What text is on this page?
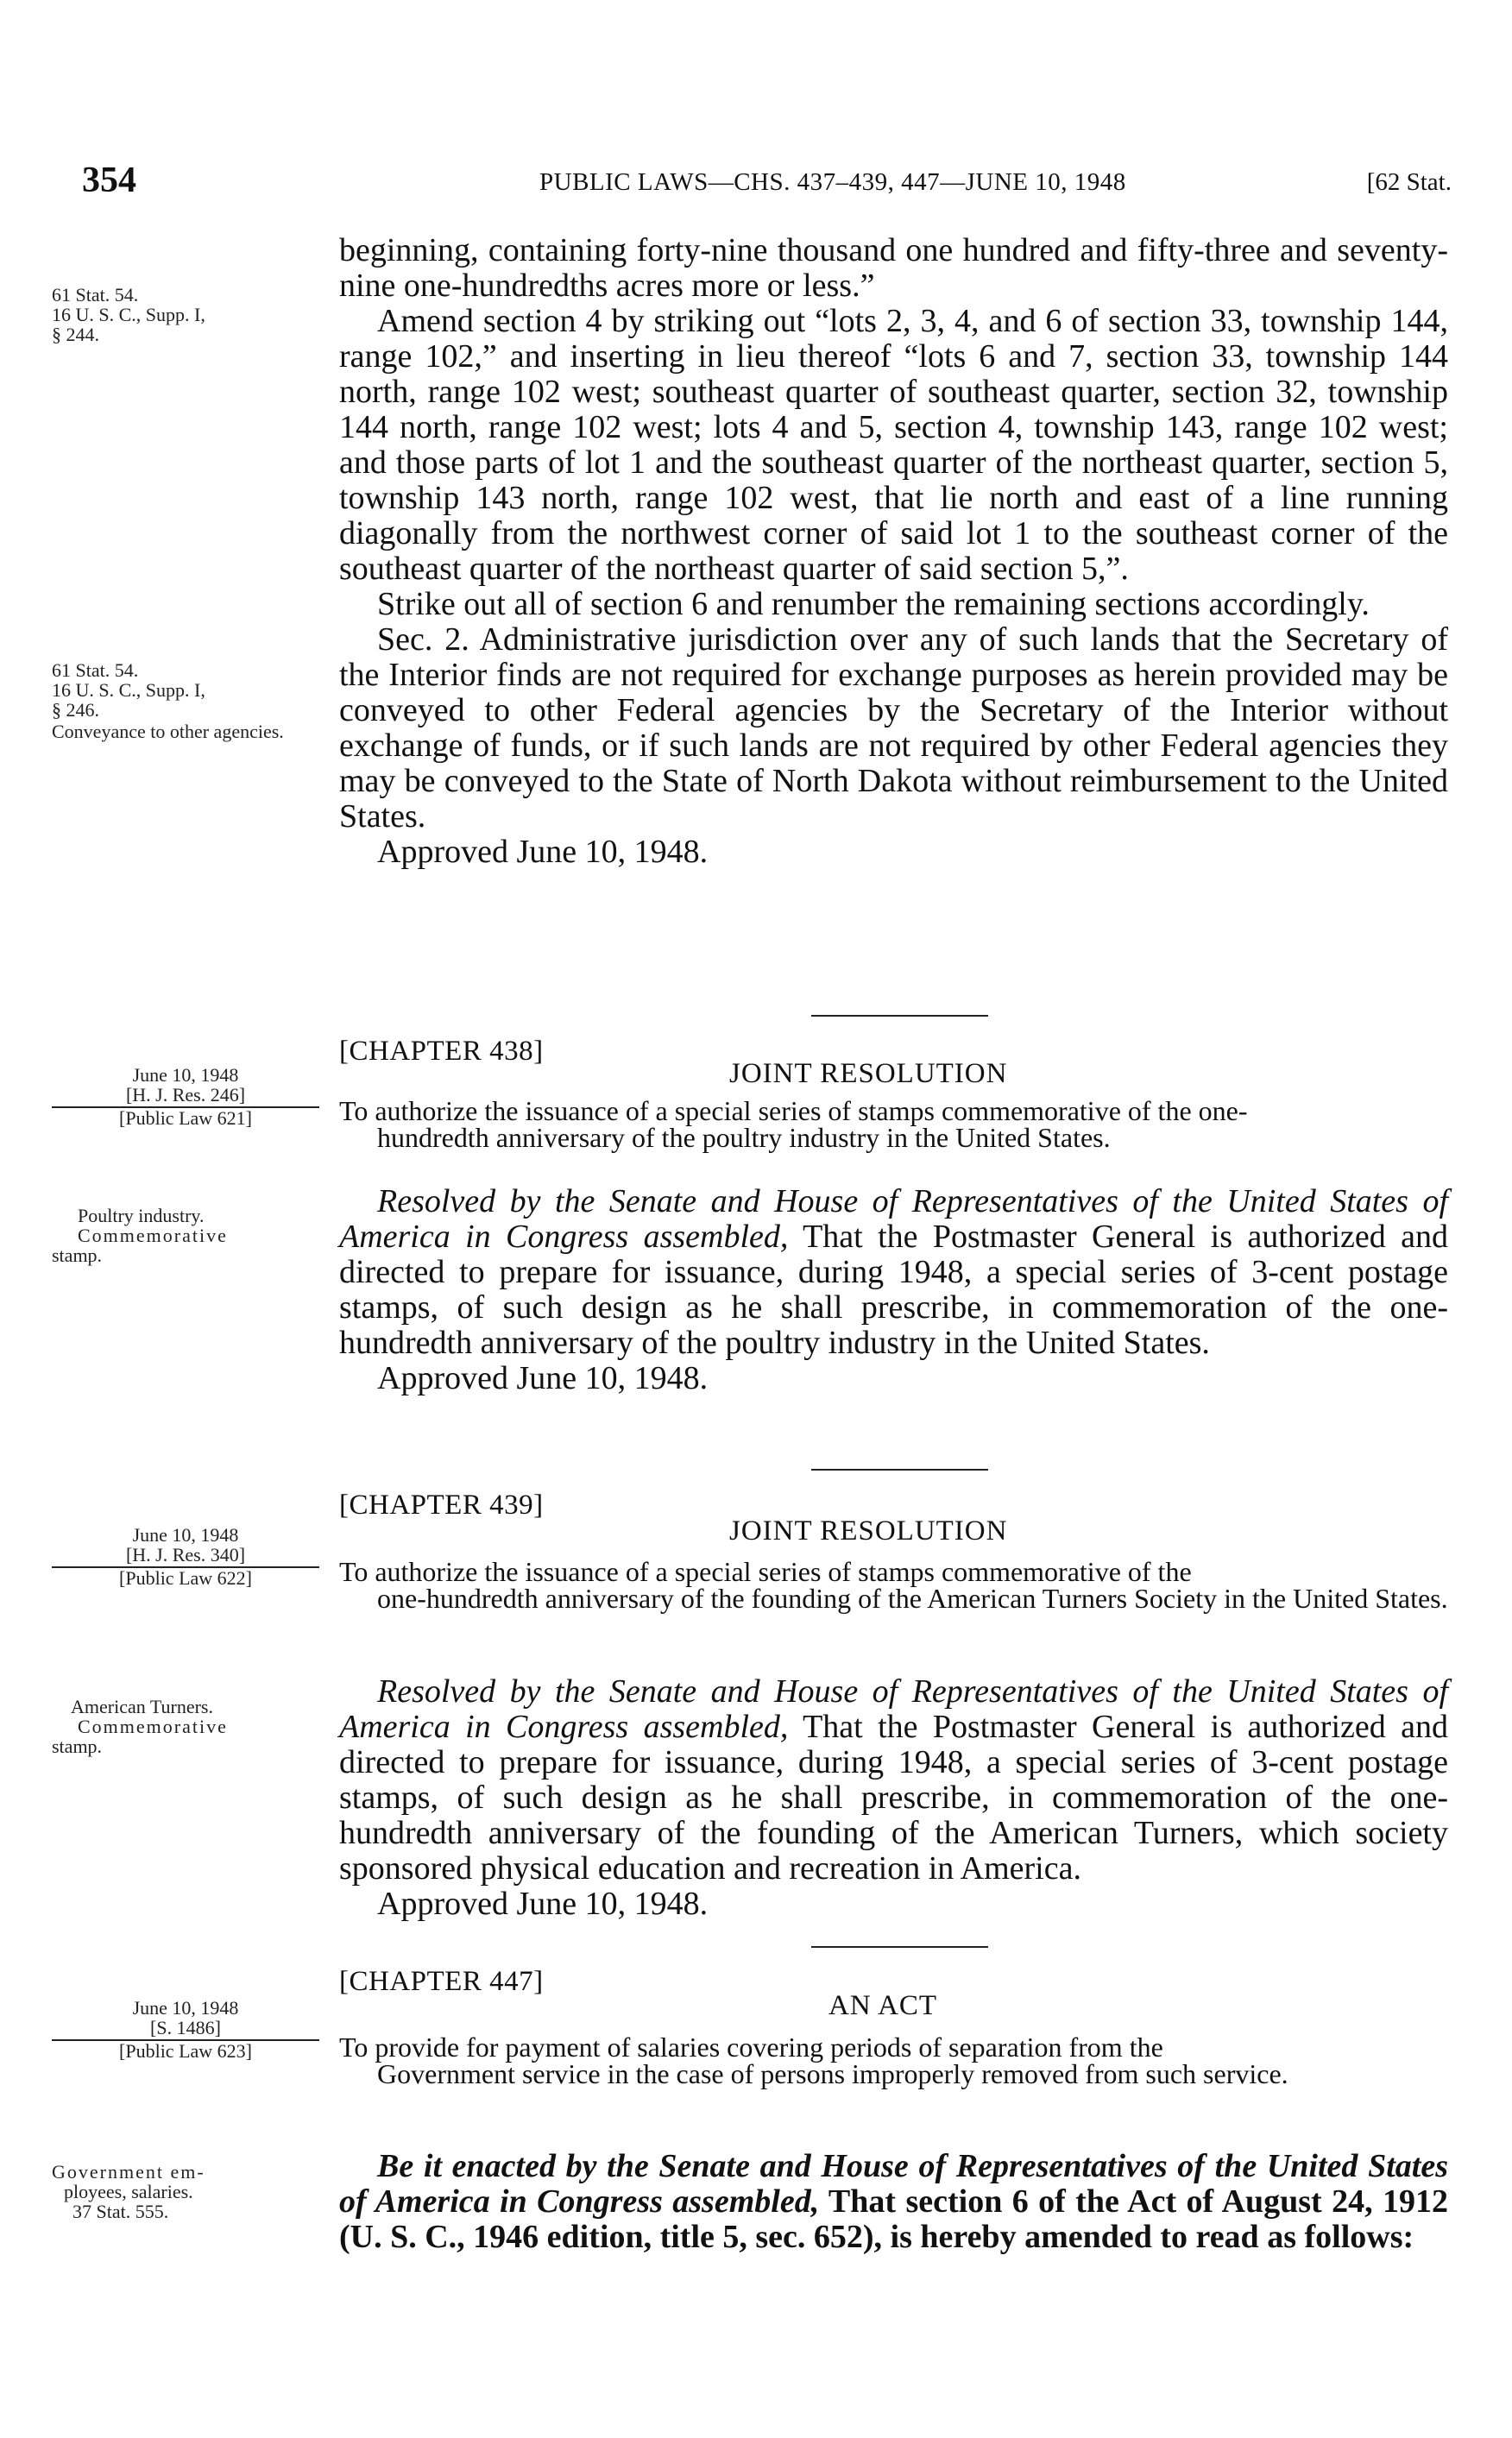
354	PUBLIC LAWS—CHS. 437–439, 447—JUNE 10, 1948	[62 Stat.
61 Stat. 54.
16 U. S. C., Supp. I,
§ 244.
61 Stat. 54.
16 U. S. C., Supp. I,
§ 246.
Conveyance to other agencies.
June 10, 1948
[H. J. Res. 246]
[Public Law 621]
Poultry industry.
Commemorative
stamp.
June 10, 1948
[H. J. Res. 340]
[Public Law 622]
American Turners.
Commemorative
stamp.
June 10, 1948
[S. 1486]
[Public Law 623]
Government em-
ployees, salaries.
37 Stat. 555.

beginning, containing forty-nine thousand one hundred and fifty-three and seventy-nine one-hundredths acres more or less.”

Amend section 4 by striking out “lots 2, 3, 4, and 6 of section 33, township 144, range 102,” and inserting in lieu thereof “lots 6 and 7, section 33, township 144 north, range 102 west; southeast quarter of southeast quarter, section 32, township 144 north, range 102 west; lots 4 and 5, section 4, township 143, range 102 west; and those parts of lot 1 and the southeast quarter of the northeast quarter, section 5, township 143 north, range 102 west, that lie north and east of a line running diagonally from the northwest corner of said lot 1 to the southeast corner of the southeast quarter of the northeast quarter of said section 5,”.

Strike out all of section 6 and renumber the remaining sections accordingly.

Sec. 2. Administrative jurisdiction over any of such lands that the Secretary of the Interior finds are not required for exchange purposes as herein provided may be conveyed to other Federal agencies by the Secretary of the Interior without exchange of funds, or if such lands are not required by other Federal agencies they may be conveyed to the State of North Dakota without reimbursement to the United States.

Approved June 10, 1948.

[CHAPTER 438]
JOINT RESOLUTION
To authorize the issuance of a special series of stamps commemorative of the one-
hundredth anniversary of the poultry industry in the United States.

Resolved by the Senate and House of Representatives of the United States of America in Congress assembled, That the Postmaster General is authorized and directed to prepare for issuance, during 1948, a special series of 3-cent postage stamps, of such design as he shall prescribe, in commemoration of the one-hundredth anniversary of the poultry industry in the United States.

Approved June 10, 1948.

[CHAPTER 439]
JOINT RESOLUTION
To authorize the issuance of a special series of stamps commemorative of the
one-hundredth anniversary of the founding of the American Turners Society in the United States.

Resolved by the Senate and House of Representatives of the United States of America in Congress assembled, That the Postmaster General is authorized and directed to prepare for issuance, during 1948, a special series of 3-cent postage stamps, of such design as he shall prescribe, in commemoration of the one-hundredth anniversary of the founding of the American Turners, which society sponsored physical education and recreation in America.

Approved June 10, 1948.

[CHAPTER 447]
AN ACT
To provide for payment of salaries covering periods of separation from the
Government service in the case of persons improperly removed from such service.

Be it enacted by the Senate and House of Representatives of the United States of America in Congress assembled, That section 6 of the Act of August 24, 1912 (U. S. C., 1946 edition, title 5, sec. 652), is hereby amended to read as follows:
